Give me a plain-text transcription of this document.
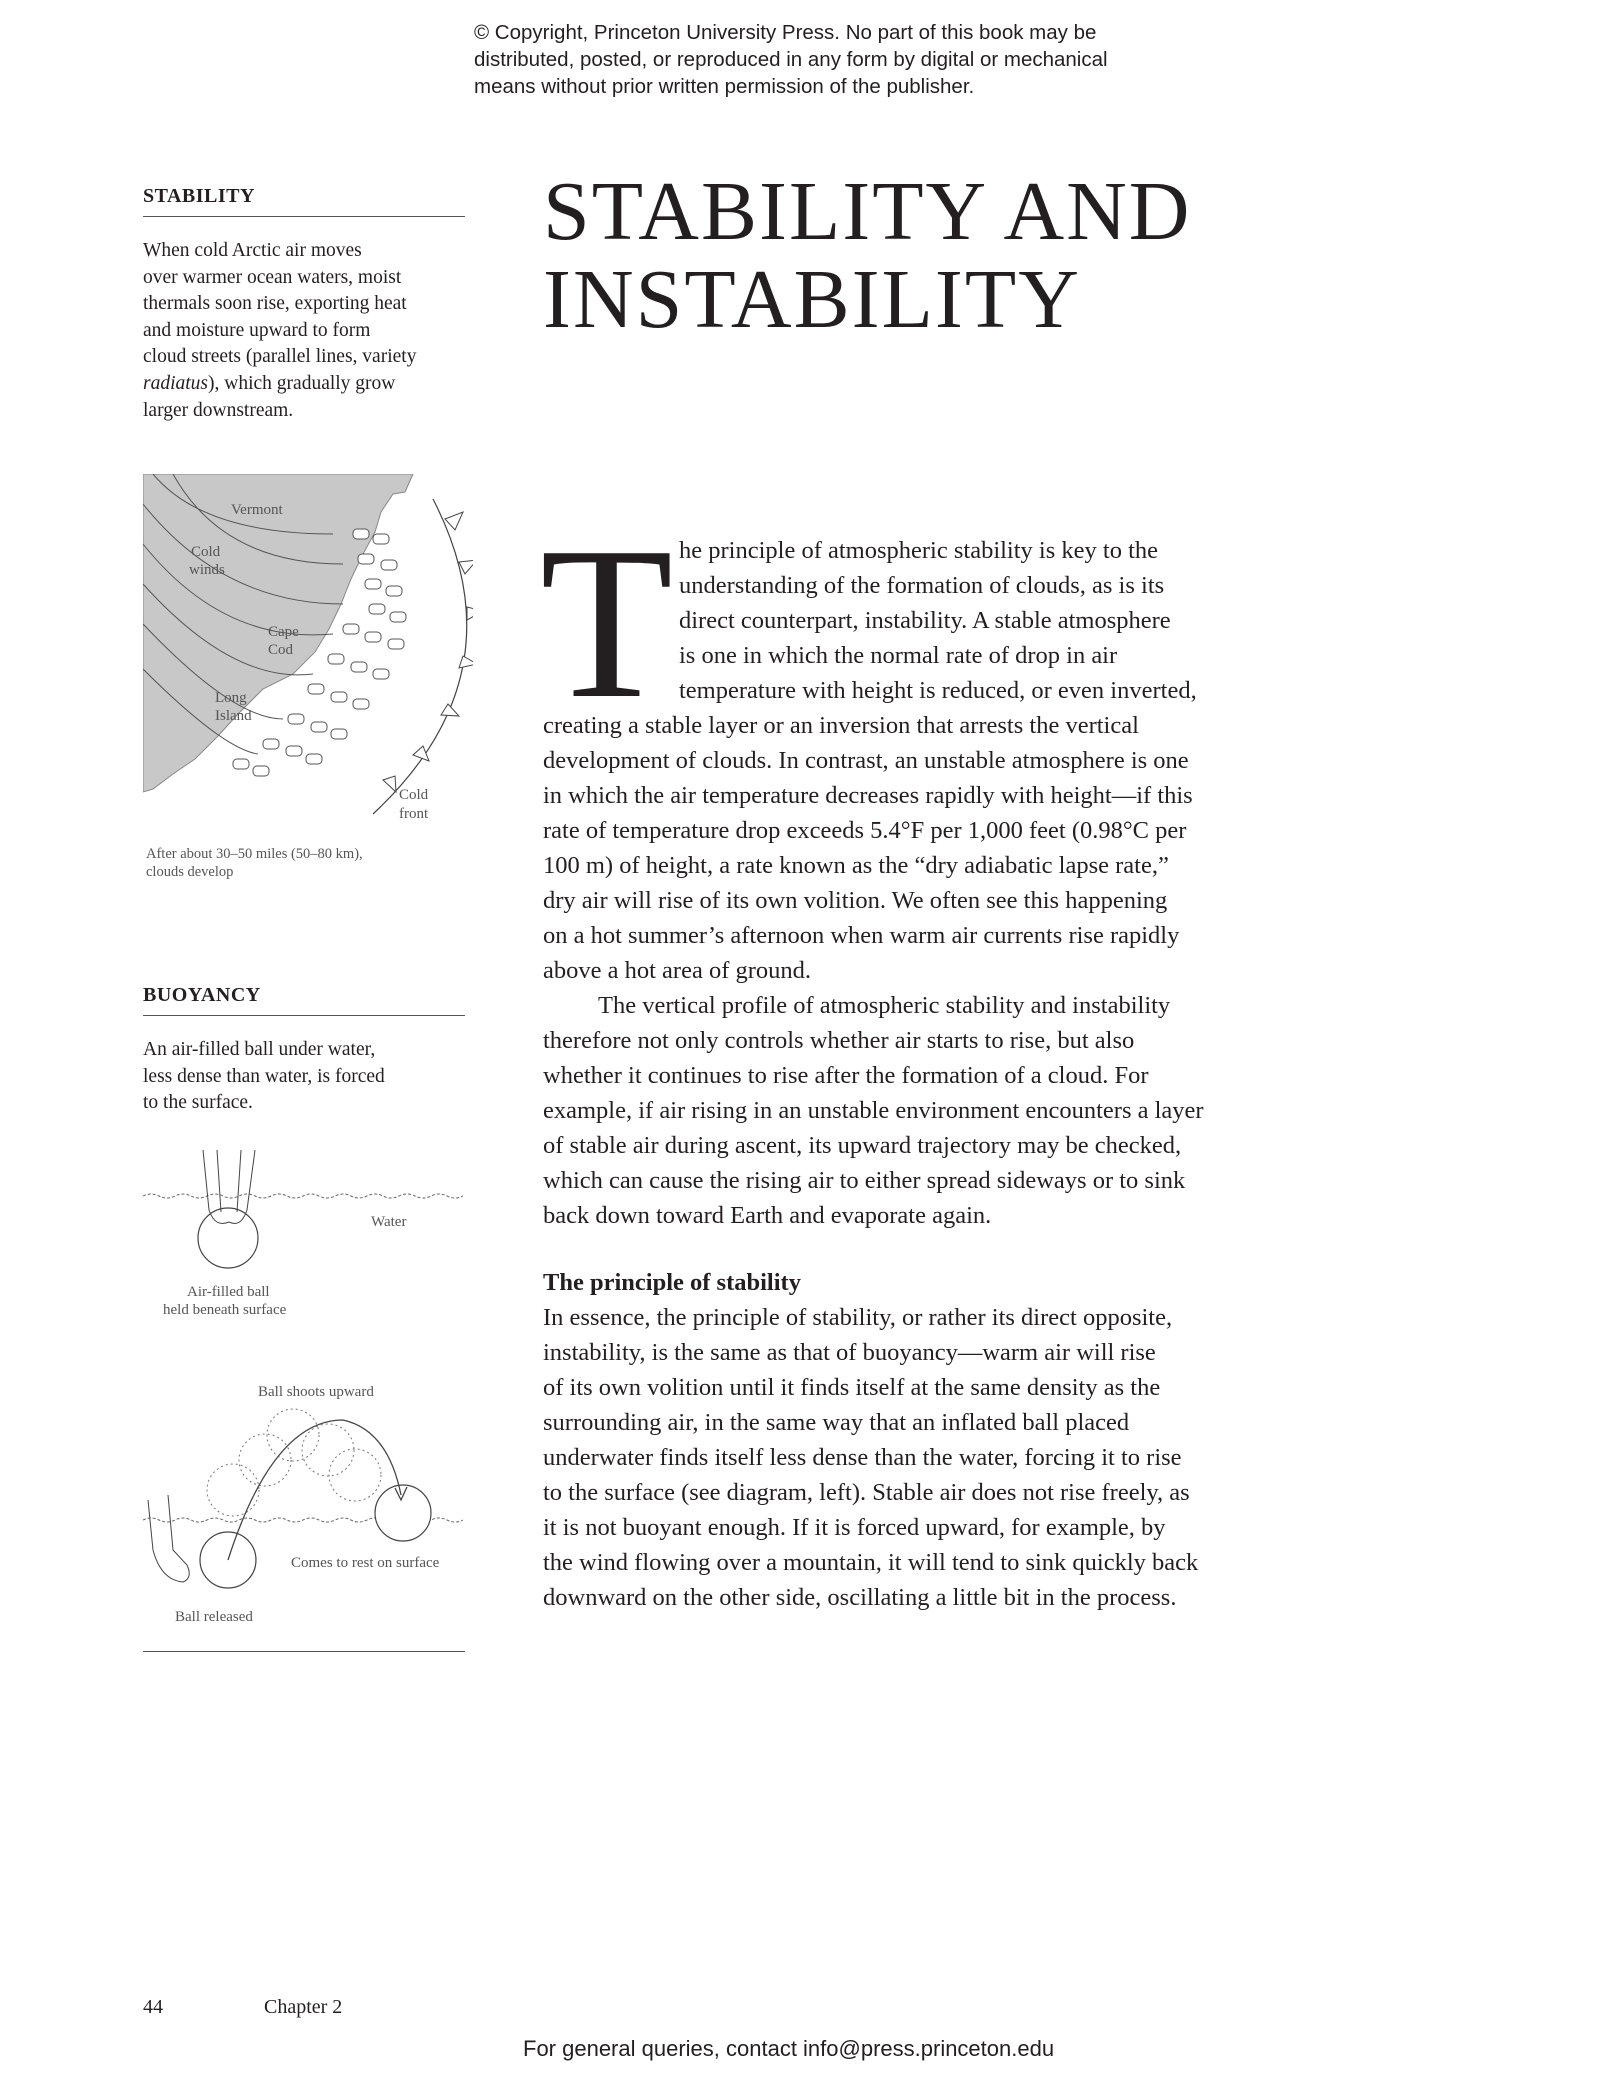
© Copyright, Princeton University Press. No part of this book may be

distributed, posted, or reproduced in any form by digital or mechanical

means without prior written permission of the publisher.

STABILITY

When cold Arctic air moves

over warmer ocean waters, moist

thermals soon rise, exporting heat

and moisture upward to form

cloud streets (parallel lines, variety

radiatus), which gradually grow

larger downstream.

Vermont
Cold
winds
Cape
Cod
Long
Island
Cold
front
After about 30–50 miles (50–80 km),
clouds develop
BUOYANCY

An air-filled ball under water,

less dense than water, is forced

to the surface.

Water
Air-filled ball
held beneath surface
Ball shoots upward
Comes to rest on surface
Ball released
STABILITY AND
INSTABILITY
T he principle of atmospheric stability is key to the

understanding of the formation of clouds, as is its

direct counterpart, instability. A stable atmosphere

is one in which the normal rate of drop in air

temperature with height is reduced, or even inverted,

creating a stable layer or an inversion that arrests the vertical

development of clouds. In contrast, an unstable atmosphere is one

in which the air temperature decreases rapidly with height—if this

rate of temperature drop exceeds 5.4°F per 1,000 feet (0.98°C per

100 m) of height, a rate known as the “dry adiabatic lapse rate,”

dry air will rise of its own volition. We often see this happening

on a hot summer’s afternoon when warm air currents rise rapidly

above a hot area of ground.

The vertical profile of atmospheric stability and instability

therefore not only controls whether air starts to rise, but also

whether it continues to rise after the formation of a cloud. For

example, if air rising in an unstable environment encounters a layer

of stable air during ascent, its upward trajectory may be checked,

which can cause the rising air to either spread sideways or to sink

back down toward Earth and evaporate again.

The principle of stability

In essence, the principle of stability, or rather its direct opposite,

instability, is the same as that of buoyancy—warm air will rise

of its own volition until it finds itself at the same density as the

surrounding air, in the same way that an inflated ball placed

underwater finds itself less dense than the water, forcing it to rise

to the surface (see diagram, left). Stable air does not rise freely, as

it is not buoyant enough. If it is forced upward, for example, by

the wind flowing over a mountain, it will tend to sink quickly back

downward on the other side, oscillating a little bit in the process.

44	Chapter 2
For general queries, contact info@press.princeton.edu
